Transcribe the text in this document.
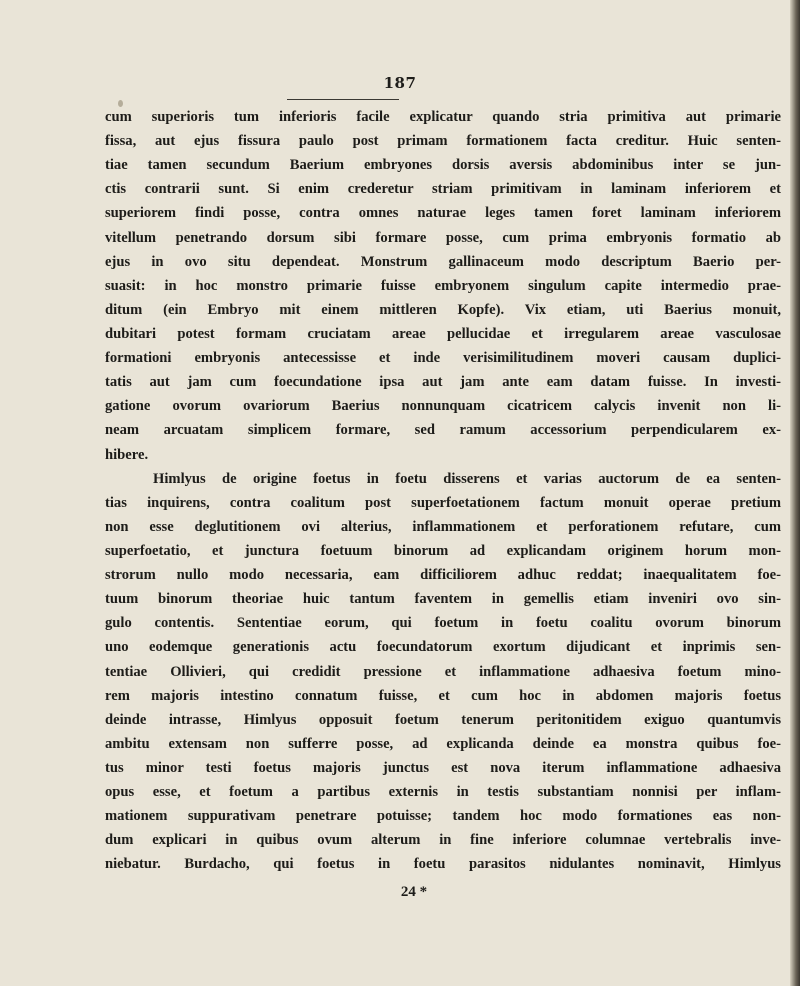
187
cum superioris tum inferioris facile explicatur quando stria primitiva aut primarie
fissa, aut ejus fissura paulo post primam formationem facta creditur. Huic senten-
tiae tamen secundum Baerium embryones dorsis aversis abdominibus inter se jun-
ctis contrarii sunt. Si enim crederetur striam primitivam in laminam inferiorem et
superiorem findi posse, contra omnes naturae leges tamen foret laminam inferiorem
vitellum penetrando dorsum sibi formare posse, cum prima embryonis formatio ab
ejus in ovo situ dependeat. Monstrum gallinaceum modo descriptum Baerio per-
suasit: in hoc monstro primarie fuisse embryonem singulum capite intermedio prae-
ditum (ein Embryo mit einem mittleren Kopfe). Vix etiam, uti Baerius monuit,
dubitari potest formam cruciatam areae pellucidae et irregularem areae vasculosae
formationi embryonis antecessisse et inde verisimilitudinem moveri causam duplici-
tatis aut jam cum foecundatione ipsa aut jam ante eam datam fuisse. In investi-
gatione ovorum ovariorum Baerius nonnunquam cicatricem calycis invenit non li-
neam arcuatam simplicem formare, sed ramum accessorium perpendicularem ex-
hibere.
Himlyus de origine foetus in foetu disserens et varias auctorum de ea senten-
tias inquirens, contra coalitum post superfoetationem factum monuit operae pretium
non esse deglutitionem ovi alterius, inflammationem et perforationem refutare, cum
superfoetatio, et junctura foetuum binorum ad explicandam originem horum mon-
strorum nullo modo necessaria, eam difficiliorem adhuc reddat; inaequalitatem foe-
tuum binorum theoriae huic tantum faventem in gemellis etiam inveniri ovo sin-
gulo contentis. Sententiae eorum, qui foetum in foetu coalitu ovorum binorum
uno eodemque generationis actu foecundatorum exortum dijudicant et inprimis sen-
tentiae Ollivieri, qui credidit pressione et inflammatione adhaesiva foetum mino-
rem majoris intestino connatum fuisse, et cum hoc in abdomen majoris foetus
deinde intrasse, Himlyus opposuit foetum tenerum peritonitidem exiguo quantumvis
ambitu extensam non sufferre posse, ad explicanda deinde ea monstra quibus foe-
tus minor testi foetus majoris junctus est nova iterum inflammatione adhaesiva
opus esse, et foetum a partibus externis in testis substantiam nonnisi per inflam-
mationem suppurativam penetrare potuisse; tandem hoc modo formationes eas non-
dum explicari in quibus ovum alterum in fine inferiore columnae vertebralis inve-
niebatur. Burdacho, qui foetus in foetu parasitos nidulantes nominavit, Himlyus
24 *
